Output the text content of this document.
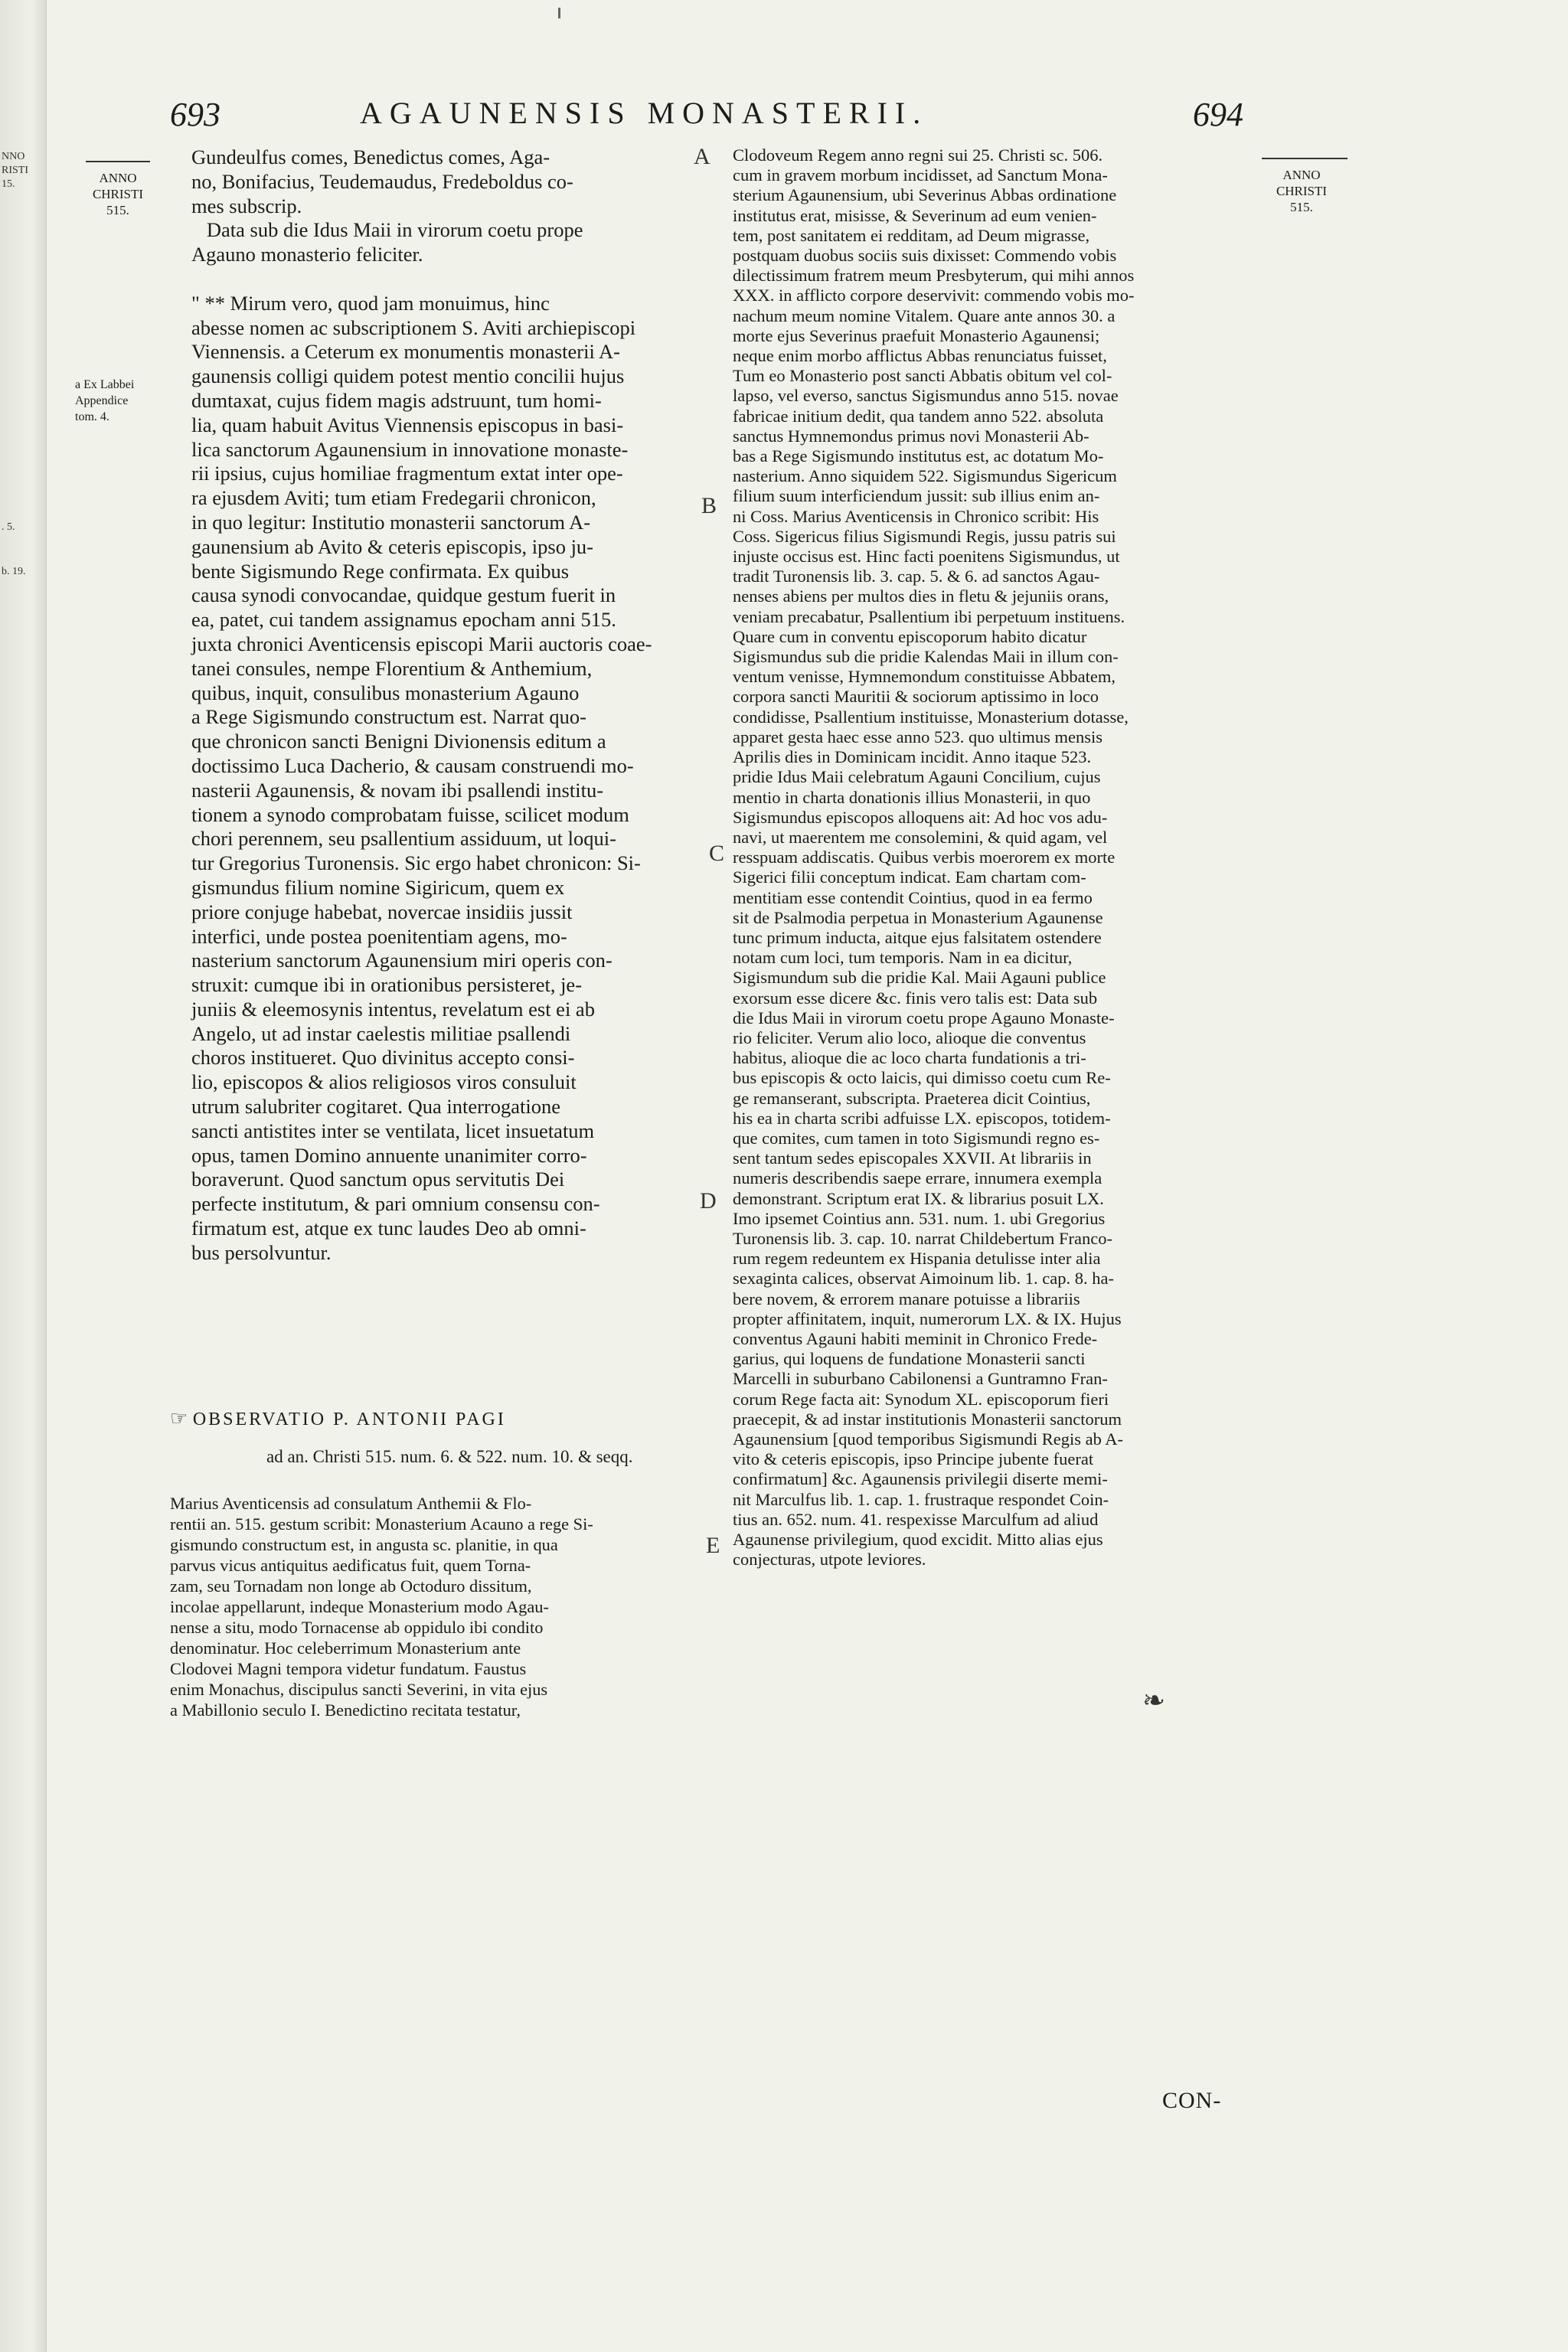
NNO
RISTI
15.
. 5.
b. 19.
693	AGAUNENSIS MONASTERII.	694
ANNO
CHRISTI
515.
a Ex Labbei
Appendice
tom. 4.
ANNO
CHRISTI
515.
A
B
C
D
E
Gundeulfus comes, Benedictus comes, Aga-
no, Bonifacius, Teudemaudus, Fredeboldus co-
mes subscrip.
Data sub die Idus Maii in virorum coetu prope
Agauno monasterio feliciter.

" ** Mirum vero, quod jam monuimus, hinc
abesse nomen ac subscriptionem S. Aviti archiepiscopi
Viennensis. a Ceterum ex monumentis monasterii A-
gaunensis colligi quidem potest mentio concilii hujus
dumtaxat, cujus fidem magis adstruunt, tum homi-
lia, quam habuit Avitus Viennensis episcopus in basi-
lica sanctorum Agaunensium in innovatione monaste-
rii ipsius, cujus homiliae fragmentum extat inter ope-
ra ejusdem Aviti; tum etiam Fredegarii chronicon,
in quo legitur: Institutio monasterii sanctorum A-
gaunensium ab Avito & ceteris episcopis, ipso ju-
bente Sigismundo Rege confirmata. Ex quibus
causa synodi convocandae, quidque gestum fuerit in
ea, patet, cui tandem assignamus epocham anni 515.
juxta chronici Aventicensis episcopi Marii auctoris coae-
tanei consules, nempe Florentium & Anthemium,
quibus, inquit, consulibus monasterium Agauno
a Rege Sigismundo constructum est. Narrat quo-
que chronicon sancti Benigni Divionensis editum a
doctissimo Luca Dacherio, & causam construendi mo-
nasterii Agaunensis, & novam ibi psallendi institu-
tionem a synodo comprobatam fuisse, scilicet modum
chori perennem, seu psallentium assiduum, ut loqui-
tur Gregorius Turonensis. Sic ergo habet chronicon: Si-
gismundus filium nomine Sigiricum, quem ex
priore conjuge habebat, novercae insidiis jussit
interfici, unde postea poenitentiam agens, mo-
nasterium sanctorum Agaunensium miri operis con-
struxit: cumque ibi in orationibus persisteret, je-
juniis & eleemosynis intentus, revelatum est ei ab
Angelo, ut ad instar caelestis militiae psallendi
choros institueret. Quo divinitus accepto consi-
lio, episcopos & alios religiosos viros consuluit
utrum salubriter cogitaret. Qua interrogatione
sancti antistites inter se ventilata, licet insuetatum
opus, tamen Domino annuente unanimiter corro-
boraverunt. Quod sanctum opus servitutis Dei
perfecte institutum, & pari omnium consensu con-
firmatum est, atque ex tunc laudes Deo ab omni-
bus persolvuntur.
☞ OBSERVATIO P. ANTONII PAGI
ad an. Christi 515. num. 6. & 522. num. 10. & seqq.
Marius Aventicensis ad consulatum Anthemii & Flo-
rentii an. 515. gestum scribit: Monasterium Acauno a rege Si-
gismundo constructum est, in angusta sc. planitie, in qua
parvus vicus antiquitus aedificatus fuit, quem Torna-
zam, seu Tornadam non longe ab Octoduro dissitum,
incolae appellarunt, indeque Monasterium modo Agau-
nense a situ, modo Tornacense ab oppidulo ibi condito
denominatur. Hoc celeberrimum Monasterium ante
Clodovei Magni tempora videtur fundatum. Faustus
enim Monachus, discipulus sancti Severini, in vita ejus
a Mabillonio seculo I. Benedictino recitata testatur,
Clodoveum Regem anno regni sui 25. Christi sc. 506.
cum in gravem morbum incidisset, ad Sanctum Mona-
sterium Agaunensium, ubi Severinus Abbas ordinatione
institutus erat, misisse, & Severinum ad eum venien-
tem, post sanitatem ei redditam, ad Deum migrasse,
postquam duobus sociis suis dixisset: Commendo vobis
dilectissimum fratrem meum Presbyterum, qui mihi annos
XXX. in afflicto corpore deservivit: commendo vobis mo-
nachum meum nomine Vitalem. Quare ante annos 30. a
morte ejus Severinus praefuit Monasterio Agaunensi;
neque enim morbo afflictus Abbas renunciatus fuisset,
Tum eo Monasterio post sancti Abbatis obitum vel col-
lapso, vel everso, sanctus Sigismundus anno 515. novae
fabricae initium dedit, qua tandem anno 522. absoluta
sanctus Hymnemondus primus novi Monasterii Ab-
bas a Rege Sigismundo institutus est, ac dotatum Mo-
nasterium. Anno siquidem 522. Sigismundus Sigericum
filium suum interficiendum jussit: sub illius enim an-
ni Coss. Marius Aventicensis in Chronico scribit: His
Coss. Sigericus filius Sigismundi Regis, jussu patris sui
injuste occisus est. Hinc facti poenitens Sigismundus, ut
tradit Turonensis lib. 3. cap. 5. & 6. ad sanctos Agau-
nenses abiens per multos dies in fletu & jejuniis orans,
veniam precabatur, Psallentium ibi perpetuum instituens.
Quare cum in conventu episcoporum habito dicatur
Sigismundus sub die pridie Kalendas Maii in illum con-
ventum venisse, Hymnemondum constituisse Abbatem,
corpora sancti Mauritii & sociorum aptissimo in loco
condidisse, Psallentium instituisse, Monasterium dotasse,
apparet gesta haec esse anno 523. quo ultimus mensis
Aprilis dies in Dominicam incidit. Anno itaque 523.
pridie Idus Maii celebratum Agauni Concilium, cujus
mentio in charta donationis illius Monasterii, in quo
Sigismundus episcopos alloquens ait: Ad hoc vos adu-
navi, ut maerentem me consolemini, & quid agam, vel
resspuam addiscatis. Quibus verbis moerorem ex morte
Sigerici filii conceptum indicat. Eam chartam com-
mentitiam esse contendit Cointius, quod in ea fermo
sit de Psalmodia perpetua in Monasterium Agaunense
tunc primum inducta, aitque ejus falsitatem ostendere
notam cum loci, tum temporis. Nam in ea dicitur,
Sigismundum sub die pridie Kal. Maii Agauni publice
exorsum esse dicere &c. finis vero talis est: Data sub
die Idus Maii in virorum coetu prope Agauno Monaste-
rio feliciter. Verum alio loco, alioque die conventus
habitus, alioque die ac loco charta fundationis a tri-
bus episcopis & octo laicis, qui dimisso coetu cum Re-
ge remanserant, subscripta. Praeterea dicit Cointius,
his ea in charta scribi adfuisse LX. episcopos, totidem-
que comites, cum tamen in toto Sigismundi regno es-
sent tantum sedes episcopales XXVII. At librariis in
numeris describendis saepe errare, innumera exempla
demonstrant. Scriptum erat IX. & librarius posuit LX.
Imo ipsemet Cointius ann. 531. num. 1. ubi Gregorius
Turonensis lib. 3. cap. 10. narrat Childebertum Franco-
rum regem redeuntem ex Hispania detulisse inter alia
sexaginta calices, observat Aimoinum lib. 1. cap. 8. ha-
bere novem, & errorem manare potuisse a librariis
propter affinitatem, inquit, numerorum LX. & IX. Hujus
conventus Agauni habiti meminit in Chronico Frede-
garius, qui loquens de fundatione Monasterii sancti
Marcelli in suburbano Cabilonensi a Guntramno Fran-
corum Rege facta ait: Synodum XL. episcoporum fieri
praecepit, & ad instar institutionis Monasterii sanctorum
Agaunensium [quod temporibus Sigismundi Regis ab A-
vito & ceteris episcopis, ipso Principe jubente fuerat
confirmatum] &c. Agaunensis privilegii diserte memi-
nit Marculfus lib. 1. cap. 1. frustraque respondet Coin-
tius an. 652. num. 41. respexisse Marculfum ad aliud
Agaunense privilegium, quod excidit. Mitto alias ejus
conjecturas, utpote leviores.
❧
CON-
